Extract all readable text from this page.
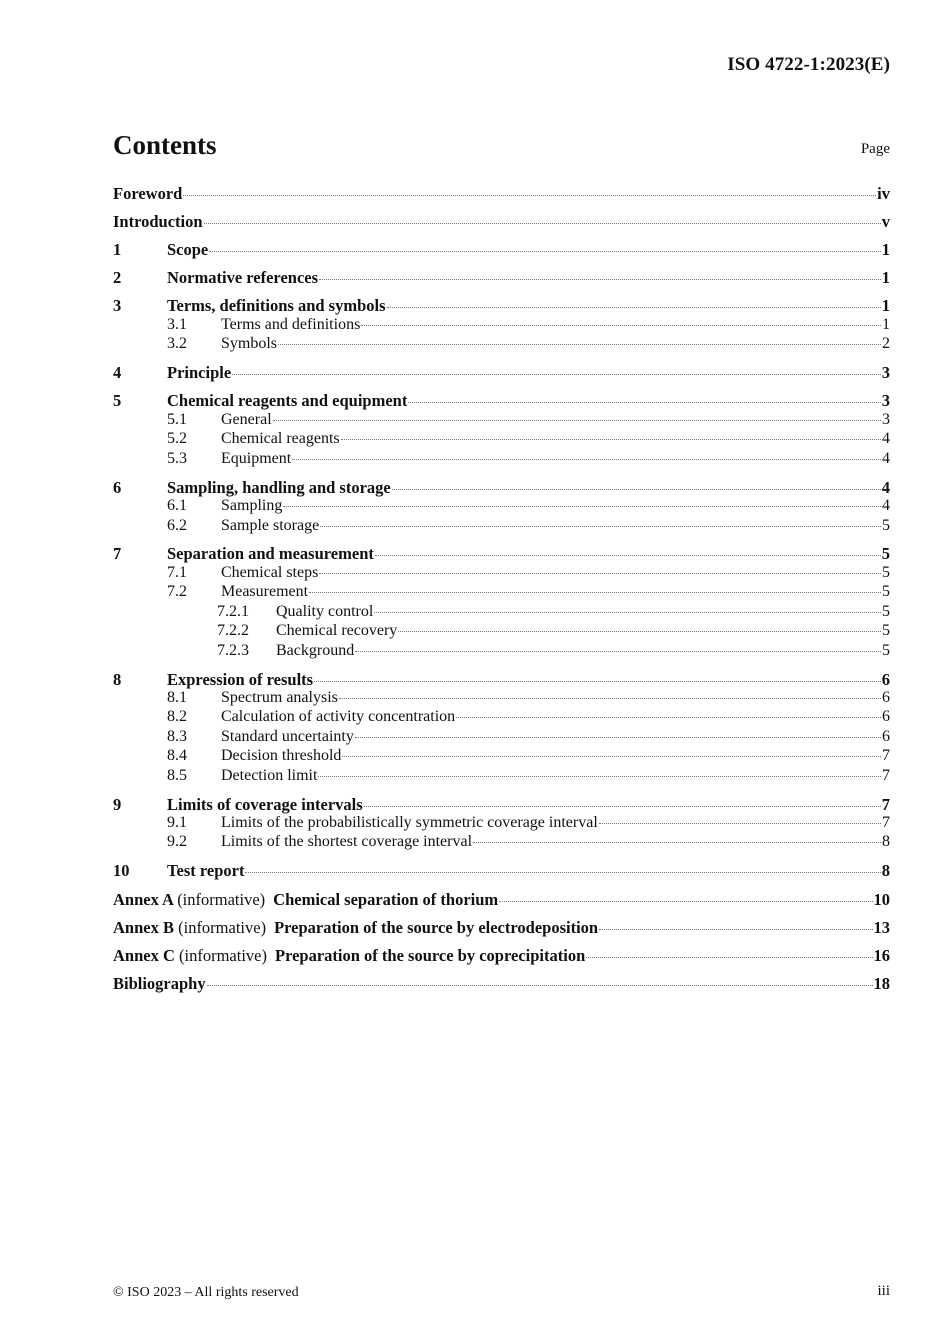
ISO 4722-1:2023(E)
Contents	Page
Foreword	iv
Introduction	v
1	Scope	1
2	Normative references	1
3	Terms, definitions and symbols	1
3.1	Terms and definitions	1
3.2	Symbols	2
4	Principle	3
5	Chemical reagents and equipment	3
5.1	General	3
5.2	Chemical reagents	4
5.3	Equipment	4
6	Sampling, handling and storage	4
6.1	Sampling	4
6.2	Sample storage	5
7	Separation and measurement	5
7.1	Chemical steps	5
7.2	Measurement	5
7.2.1	Quality control	5
7.2.2	Chemical recovery	5
7.2.3	Background	5
8	Expression of results	6
8.1	Spectrum analysis	6
8.2	Calculation of activity concentration	6
8.3	Standard uncertainty	6
8.4	Decision threshold	7
8.5	Detection limit	7
9	Limits of coverage intervals	7
9.1	Limits of the probabilistically symmetric coverage interval	7
9.2	Limits of the shortest coverage interval	8
10	Test report	8
Annex A (informative) Chemical separation of thorium	10
Annex B (informative) Preparation of the source by electrodeposition	13
Annex C (informative) Preparation of the source by coprecipitation	16
Bibliography	18
© ISO 2023 – All rights reserved	iii
